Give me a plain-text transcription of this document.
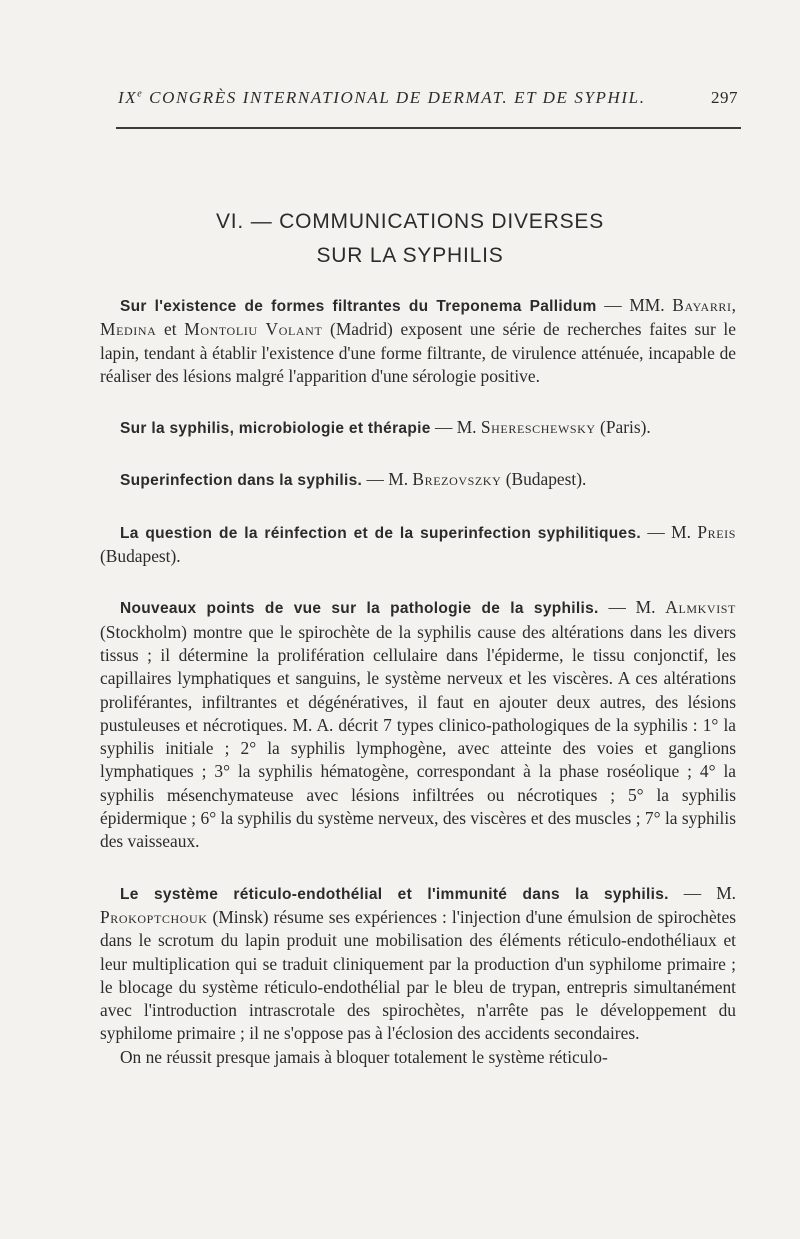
IXe CONGRÈS INTERNATIONAL DE DERMAT. ET DE SYPHIL.	297
VI. — COMMUNICATIONS DIVERSES
SUR LA SYPHILIS

Sur l'existence de formes filtrantes du Treponema Pallidum — MM. Bayarri, Medina et Montoliu Volant (Madrid) exposent une série de recherches faites sur le lapin, tendant à établir l'existence d'une forme filtrante, de virulence atténuée, incapable de réaliser des lésions malgré l'apparition d'une sérologie positive.

Sur la syphilis, microbiologie et thérapie — M. Shereschewsky (Paris).

Superinfection dans la syphilis. — M. Brezovszky (Budapest).

La question de la réinfection et de la superinfection syphilitiques. — M. Preis (Budapest).

Nouveaux points de vue sur la pathologie de la syphilis. — M. Almkvist (Stockholm) montre que le spirochète de la syphilis cause des altérations dans les divers tissus ; il détermine la prolifération cellulaire dans l'épiderme, le tissu conjonctif, les capillaires lymphatiques et sanguins, le système nerveux et les viscères. A ces altérations proliférantes, infiltrantes et dégénératives, il faut en ajouter deux autres, des lésions pustuleuses et nécrotiques. M. A. décrit 7 types clinico-pathologiques de la syphilis : 1° la syphilis initiale ; 2° la syphilis lymphogène, avec atteinte des voies et ganglions lymphatiques ; 3° la syphilis hématogène, correspondant à la phase roséolique ; 4° la syphilis mésenchymateuse avec lésions infiltrées ou nécrotiques ; 5° la syphilis épidermique ; 6° la syphilis du système nerveux, des viscères et des muscles ; 7° la syphilis des vaisseaux.

Le système réticulo-endothélial et l'immunité dans la syphilis. — M. Prokoptchouk (Minsk) résume ses expériences : l'injection d'une émulsion de spirochètes dans le scrotum du lapin produit une mobilisation des éléments réticulo-endothéliaux et leur multiplication qui se traduit cliniquement par la production d'un syphilome primaire ; le blocage du système réticulo-endothélial par le bleu de trypan, entrepris simultanément avec l'introduction intrascrotale des spirochètes, n'arrête pas le développement du syphilome primaire ; il ne s'oppose pas à l'éclosion des accidents secondaires.

On ne réussit presque jamais à bloquer totalement le système réticulo-
